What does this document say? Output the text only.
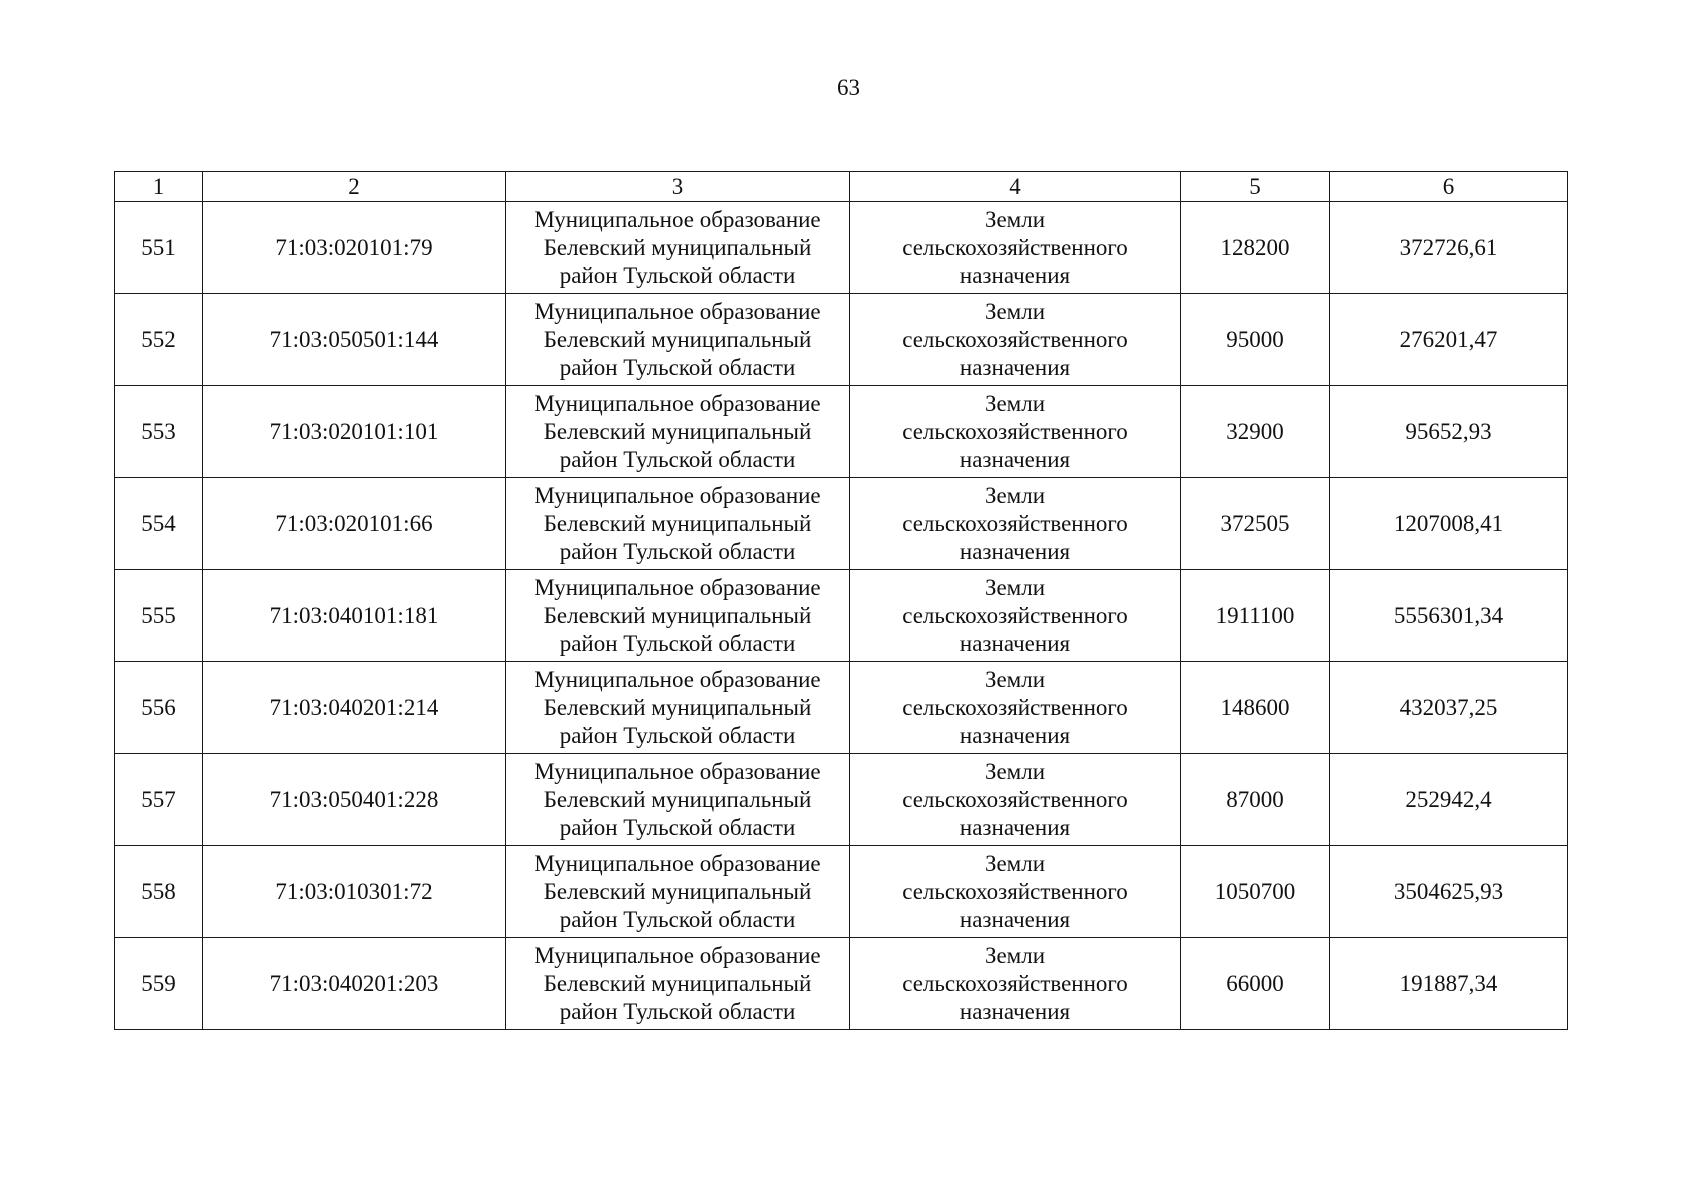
63
1	2	3	4	5	6
551	71:03:020101:79	Муниципальное образование
Белевский муниципальный
район Тульской области	Земли
сельскохозяйственного
назначения	128200	372726,61
552	71:03:050501:144	Муниципальное образование
Белевский муниципальный
район Тульской области	Земли
сельскохозяйственного
назначения	95000	276201,47
553	71:03:020101:101	Муниципальное образование
Белевский муниципальный
район Тульской области	Земли
сельскохозяйственного
назначения	32900	95652,93
554	71:03:020101:66	Муниципальное образование
Белевский муниципальный
район Тульской области	Земли
сельскохозяйственного
назначения	372505	1207008,41
555	71:03:040101:181	Муниципальное образование
Белевский муниципальный
район Тульской области	Земли
сельскохозяйственного
назначения	1911100	5556301,34
556	71:03:040201:214	Муниципальное образование
Белевский муниципальный
район Тульской области	Земли
сельскохозяйственного
назначения	148600	432037,25
557	71:03:050401:228	Муниципальное образование
Белевский муниципальный
район Тульской области	Земли
сельскохозяйственного
назначения	87000	252942,4
558	71:03:010301:72	Муниципальное образование
Белевский муниципальный
район Тульской области	Земли
сельскохозяйственного
назначения	1050700	3504625,93
559	71:03:040201:203	Муниципальное образование
Белевский муниципальный
район Тульской области	Земли
сельскохозяйственного
назначения	66000	191887,34
